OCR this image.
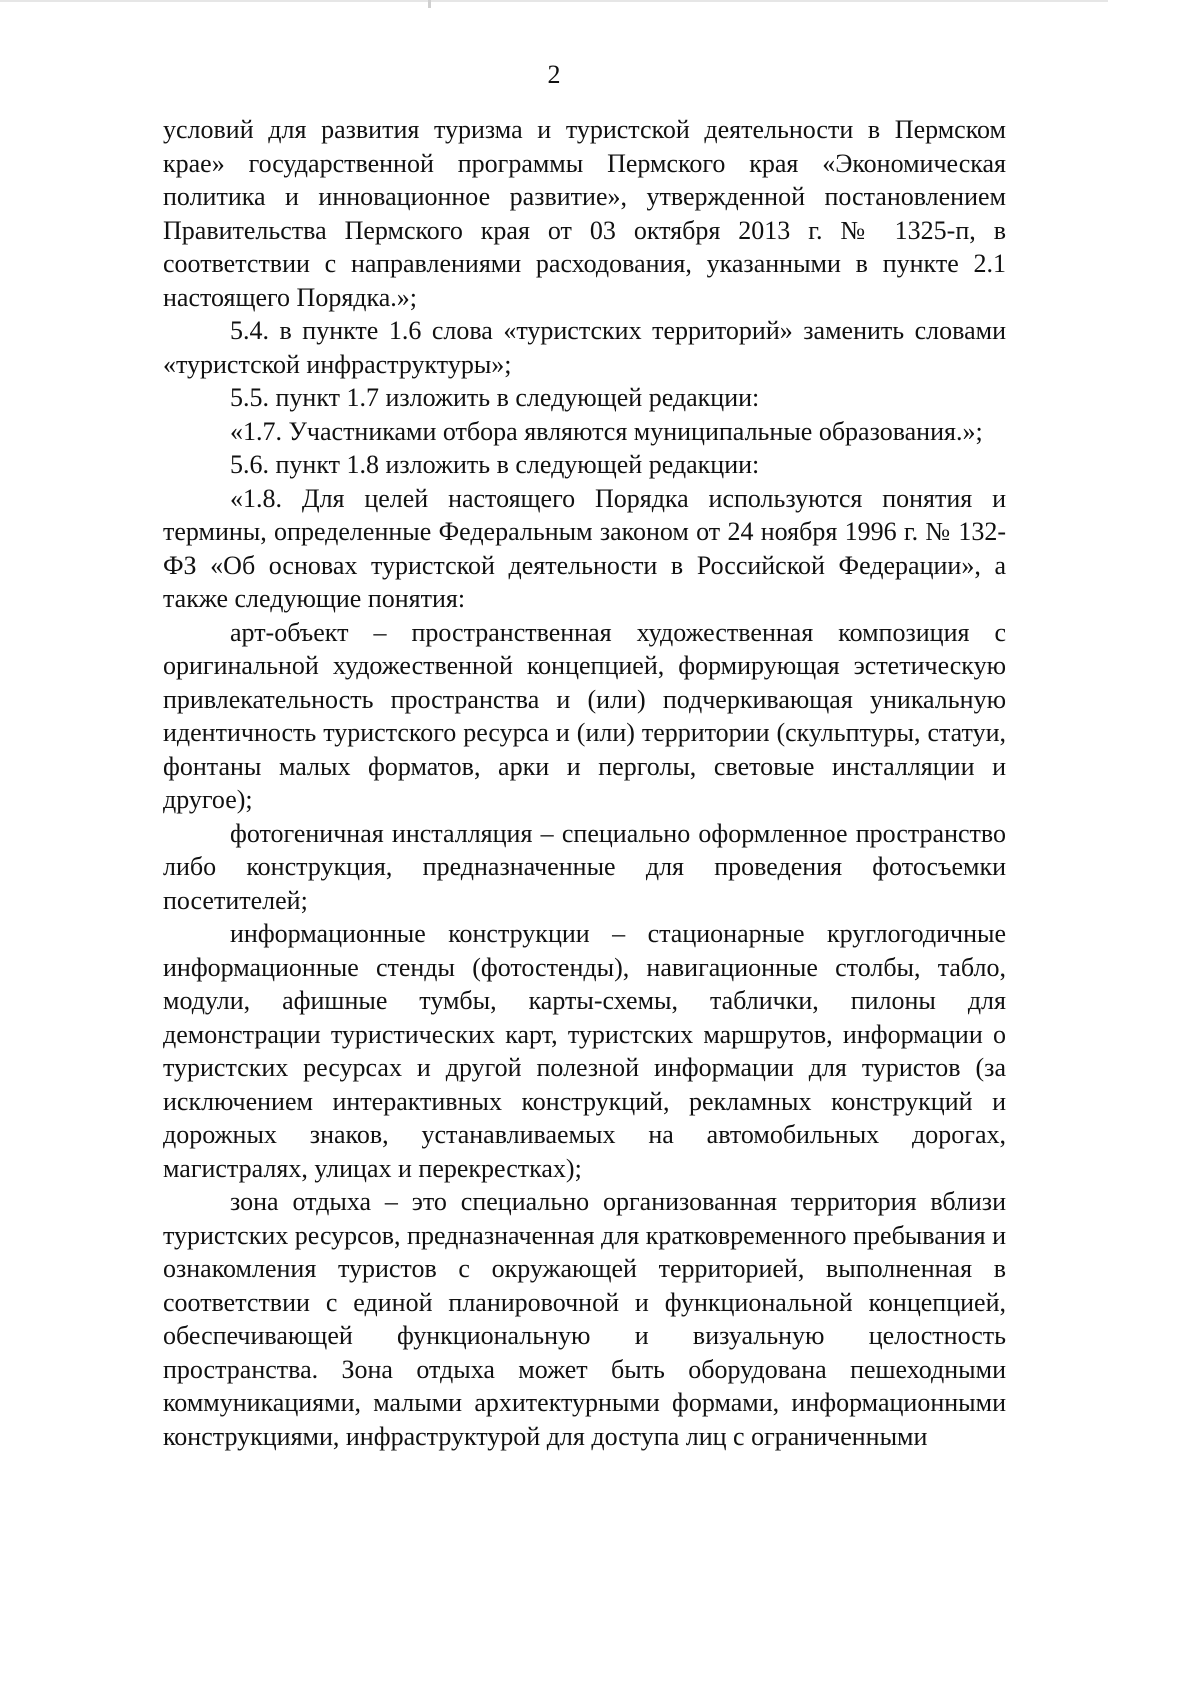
2

условий для развития туризма и туристской деятельности в Пермском крае» государственной программы Пермского края «Экономическая политика и инновационное развитие», утвержденной постановлением Правительства Пермского края от 03 октября 2013 г. № 1325-п, в соответствии с направлениями расходования, указанными в пункте 2.1 настоящего Порядка.»;

5.4. в пункте 1.6 слова «туристских территорий» заменить словами «туристской инфраструктуры»;

5.5. пункт 1.7 изложить в следующей редакции:

«1.7. Участниками отбора являются муниципальные образования.»;

5.6. пункт 1.8 изложить в следующей редакции:

«1.8. Для целей настоящего Порядка используются понятия и термины, определенные Федеральным законом от 24 ноября 1996 г. № 132-ФЗ «Об основах туристской деятельности в Российской Федерации», а также следующие понятия:

арт-объект – пространственная художественная композиция с оригинальной художественной концепцией, формирующая эстетическую привлекательность пространства и (или) подчеркивающая уникальную идентичность туристского ресурса и (или) территории (скульптуры, статуи, фонтаны малых форматов, арки и перголы, световые инсталляции и другое);

фотогеничная инсталляция – специально оформленное пространство либо конструкция, предназначенные для проведения фотосъемки посетителей;

информационные конструкции – стационарные круглогодичные информационные стенды (фотостенды), навигационные столбы, табло, модули, афишные тумбы, карты-схемы, таблички, пилоны для демонстрации туристических карт, туристских маршрутов, информации о туристских ресурсах и другой полезной информации для туристов (за исключением интерактивных конструкций, рекламных конструкций и дорожных знаков, устанавливаемых на автомобильных дорогах, магистралях, улицах и перекрестках);

зона отдыха – это специально организованная территория вблизи туристских ресурсов, предназначенная для кратковременного пребывания и ознакомления туристов с окружающей территорией, выполненная в соответствии с единой планировочной и функциональной концепцией, обеспечивающей функциональную и визуальную целостность пространства. Зона отдыха может быть оборудована пешеходными коммуникациями, малыми архитектурными формами, информационными конструкциями, инфраструктурой для доступа лиц с ограниченными
